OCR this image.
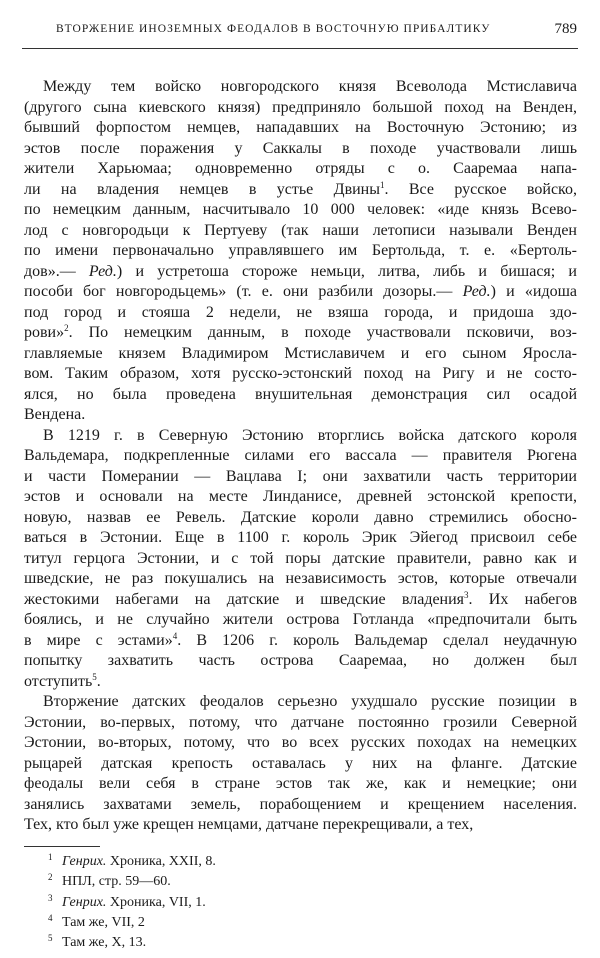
ВТОРЖЕНИЕ ИНОЗЕМНЫХ ФЕОДАЛОВ В ВОСТОЧНУЮ ПРИБАЛТИКУ	789
Между тем войско новгородского князя Всеволода Мстиславича
(другого сына киевского князя) предприняло большой поход на Венден,
бывший форпостом немцев, нападавших на Восточную Эстонию; из
эстов после поражения у Саккалы в походе участвовали лишь
жители Харьюмаа; одновременно отряды с о. Сааремаа напа-
ли на владения немцев в устье Двины$^1$. Все русское войско,
по немецким данным, насчитывало 10 000 человек: «иде князь Всево-
лод с новгородьци к Пертуеву (так наши летописи называли Венден
по имени первоначально управлявшего им Бертольда, т. е. «Бертоль-
дов».— Ред.) и устретоша стороже немьци, литва, либь и бишася; и
пособи бог новгородьцемь» (т. е. они разбили дозоры.— Ред.) и «идоша
под город и стояша 2 недели, не взяша города, и придоша здо-
рови»$^2$. По немецким данным, в походе участвовали псковичи, воз-
главляемые князем Владимиром Мстиславичем и его сыном Яросла-
вом. Таким образом, хотя русско-эстонский поход на Ригу и не состо-
ялся, но была проведена внушительная демонстрация сил осадой
Вендена.
В 1219 г. в Северную Эстонию вторглись войска датского короля
Вальдемара, подкрепленные силами его вассала — правителя Рюгена
и части Померании — Вацлава I; они захватили часть территории
эстов и основали на месте Линданисе, древней эстонской крепости,
новую, назвав ее Ревель. Датские короли давно стремились обосно-
ваться в Эстонии. Еще в 1100 г. король Эрик Эйегод присвоил себе
титул герцога Эстонии, и с той поры датские правители, равно как и
шведские, не раз покушались на независимость эстов, которые отвечали
жестокими набегами на датские и шведские владения$^3$. Их набегов
боялись, и не случайно жители острова Готланда «предпочитали быть
в мире с эстами»$^4$. В 1206 г. король Вальдемар сделал неудачную
попытку захватить часть острова Сааремаа, но должен был
отступить$^5$.
Вторжение датских феодалов серьезно ухудшало русские позиции в
Эстонии, во-первых, потому, что датчане постоянно грозили Северной
Эстонии, во-вторых, потому, что во всех русских походах на немецких
рыцарей датская крепость оставалась у них на фланге. Датские
феодалы вели себя в стране эстов так же, как и немецкие; они
занялись захватами земель, порабощением и крещением населения.
Тех, кто был уже крещен немцами, датчане перекрещивали, а тех,
1 Генрих. Хроника, XXII, 8.
2 НПЛ, стр. 59—60.
3 Генрих. Хроника, VII, 1.
4 Там же, VII, 2
5 Там же, X, 13.
